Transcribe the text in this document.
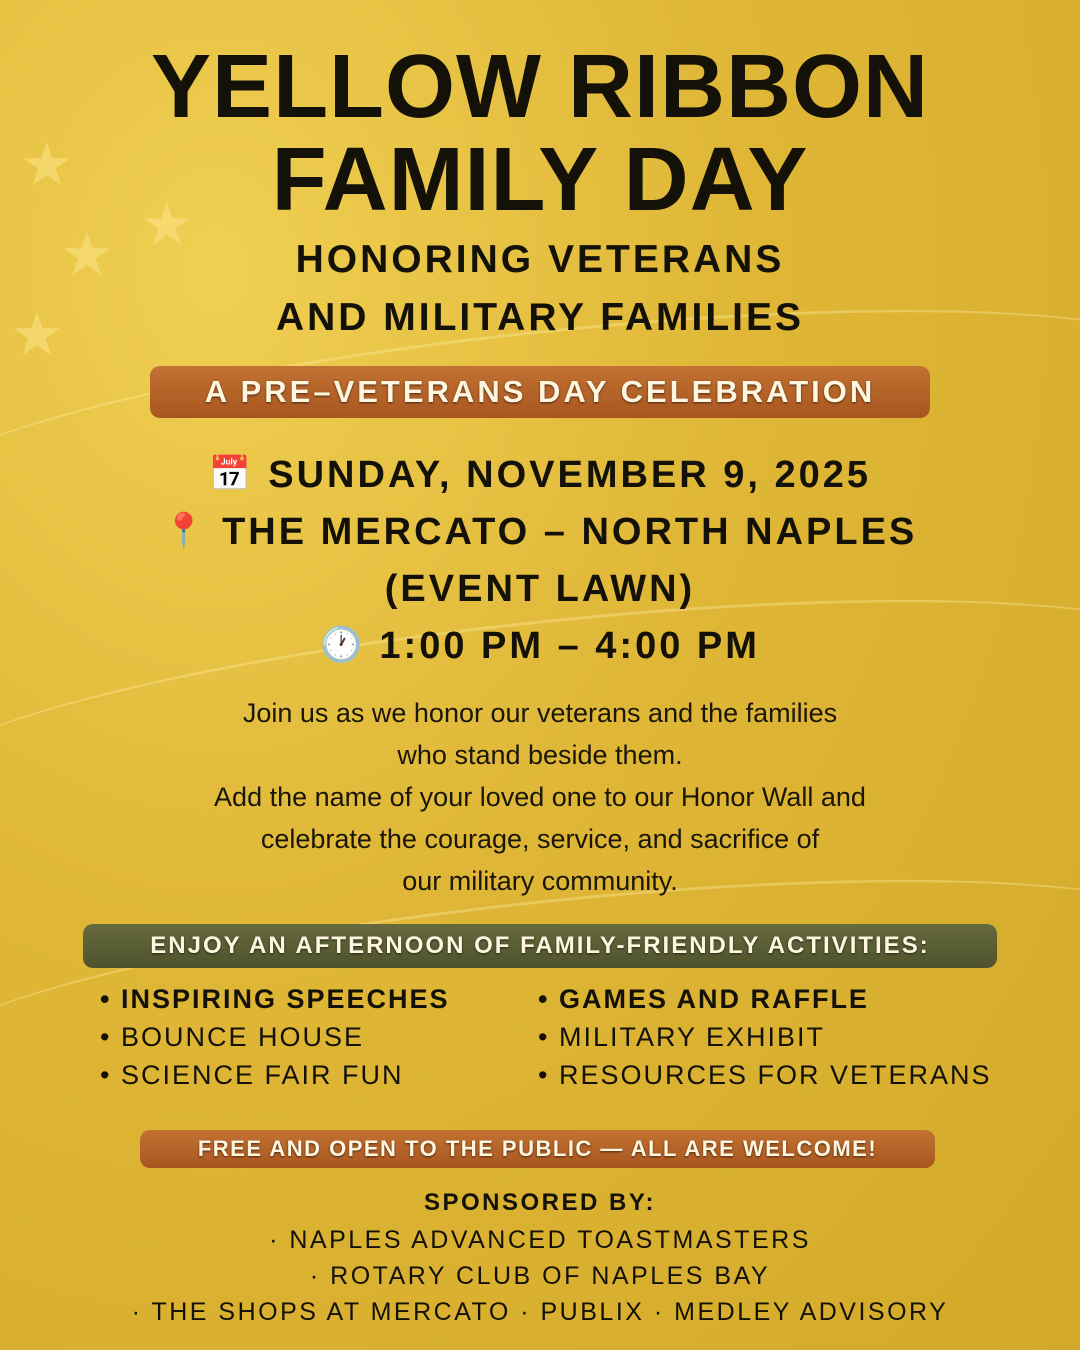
★
★ ★
★
YELLOW RIBBON
FAMILY DAY
HONORING VETERANS
AND MILITARY FAMILIES
A PRE–VETERANS DAY CELEBRATION
📅 SUNDAY, NOVEMBER 9, 2025
📍 THE MERCATO – NORTH NAPLES
(EVENT LAWN)
🕐 1:00 PM – 4:00 PM
Join us as we honor our veterans and the families
who stand beside them.
Add the name of your loved one to our Honor Wall and
celebrate the courage, service, and sacrifice of
our military community.
ENJOY AN AFTERNOON OF FAMILY-FRIENDLY ACTIVITIES:
• INSPIRING SPEECHES
• BOUNCE HOUSE
• SCIENCE FAIR FUN
• GAMES AND RAFFLE
• MILITARY EXHIBIT
• RESOURCES FOR VETERANS
FREE AND OPEN TO THE PUBLIC — ALL ARE WELCOME!
SPONSORED BY:
· NAPLES ADVANCED TOASTMASTERS
· ROTARY CLUB OF NAPLES BAY
· THE SHOPS AT MERCATO · PUBLIX · MEDLEY ADVISORY
